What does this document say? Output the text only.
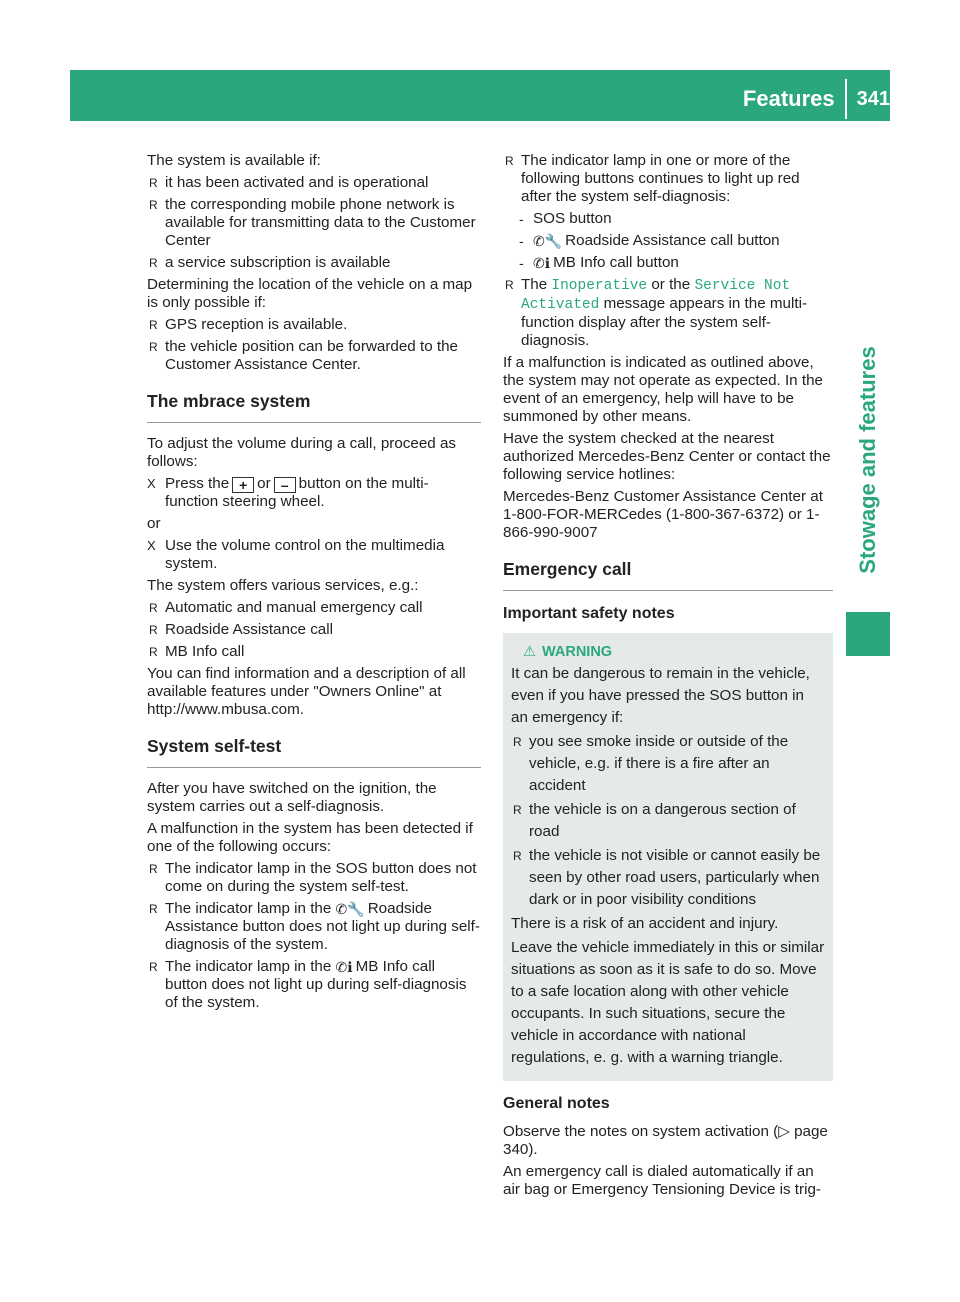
Features	341
Stowage and features

The system is available if:

R it has been activated and is operational
R the corresponding mobile phone network is available for transmitting data to the Customer Center
R a service subscription is available

Determining the location of the vehicle on a map is only possible if:

R GPS reception is available.
R the vehicle position can be forwarded to the Customer Assistance Center.
The mbrace system

To adjust the volume during a call, proceed as follows:

X Press the + or – button on the multi-function steering wheel.

or

X Use the volume control on the multimedia system.

The system offers various services, e.g.:

R Automatic and manual emergency call
R Roadside Assistance call
R MB Info call

You can find information and a description of all available features under "Owners Online" at http://www.mbusa.com.

System self-test

After you have switched on the ignition, the system carries out a self-diagnosis.

A malfunction in the system has been detected if one of the following occurs:

R The indicator lamp in the SOS button does not come on during the system self-test.
R The indicator lamp in the ✆🔧 Roadside Assistance button does not light up during self-diagnosis of the system.
R The indicator lamp in the ✆ℹ MB Info call button does not light up during self-diagnosis of the system.
R The indicator lamp in one or more of the following buttons continues to light up red after the system self-diagnosis:
- SOS button
- ✆🔧 Roadside Assistance call button
- ✆ℹ MB Info call button
R The Inoperative or the Service Not Activated message appears in the multi-function display after the system self-diagnosis.

If a malfunction is indicated as outlined above, the system may not operate as expected. In the event of an emergency, help will have to be summoned by other means.

Have the system checked at the nearest authorized Mercedes-Benz Center or contact the following service hotlines:

Mercedes-Benz Customer Assistance Center at 1-800-FOR-MERCedes (1-800-367-6372) or 1-866-990-9007

Emergency call
Important safety notes
⚠ WARNING

It can be dangerous to remain in the vehicle, even if you have pressed the SOS button in an emergency if:

R you see smoke inside or outside of the vehicle, e.g. if there is a fire after an accident
R the vehicle is on a dangerous section of road
R the vehicle is not visible or cannot easily be seen by other road users, particularly when dark or in poor visibility conditions

There is a risk of an accident and injury.

Leave the vehicle immediately in this or similar situations as soon as it is safe to do so. Move to a safe location along with other vehicle occupants. In such situations, secure the vehicle in accordance with national regulations, e. g. with a warning triangle.

General notes

Observe the notes on system activation (▷ page 340).

An emergency call is dialed automatically if an air bag or Emergency Tensioning Device is trig-
